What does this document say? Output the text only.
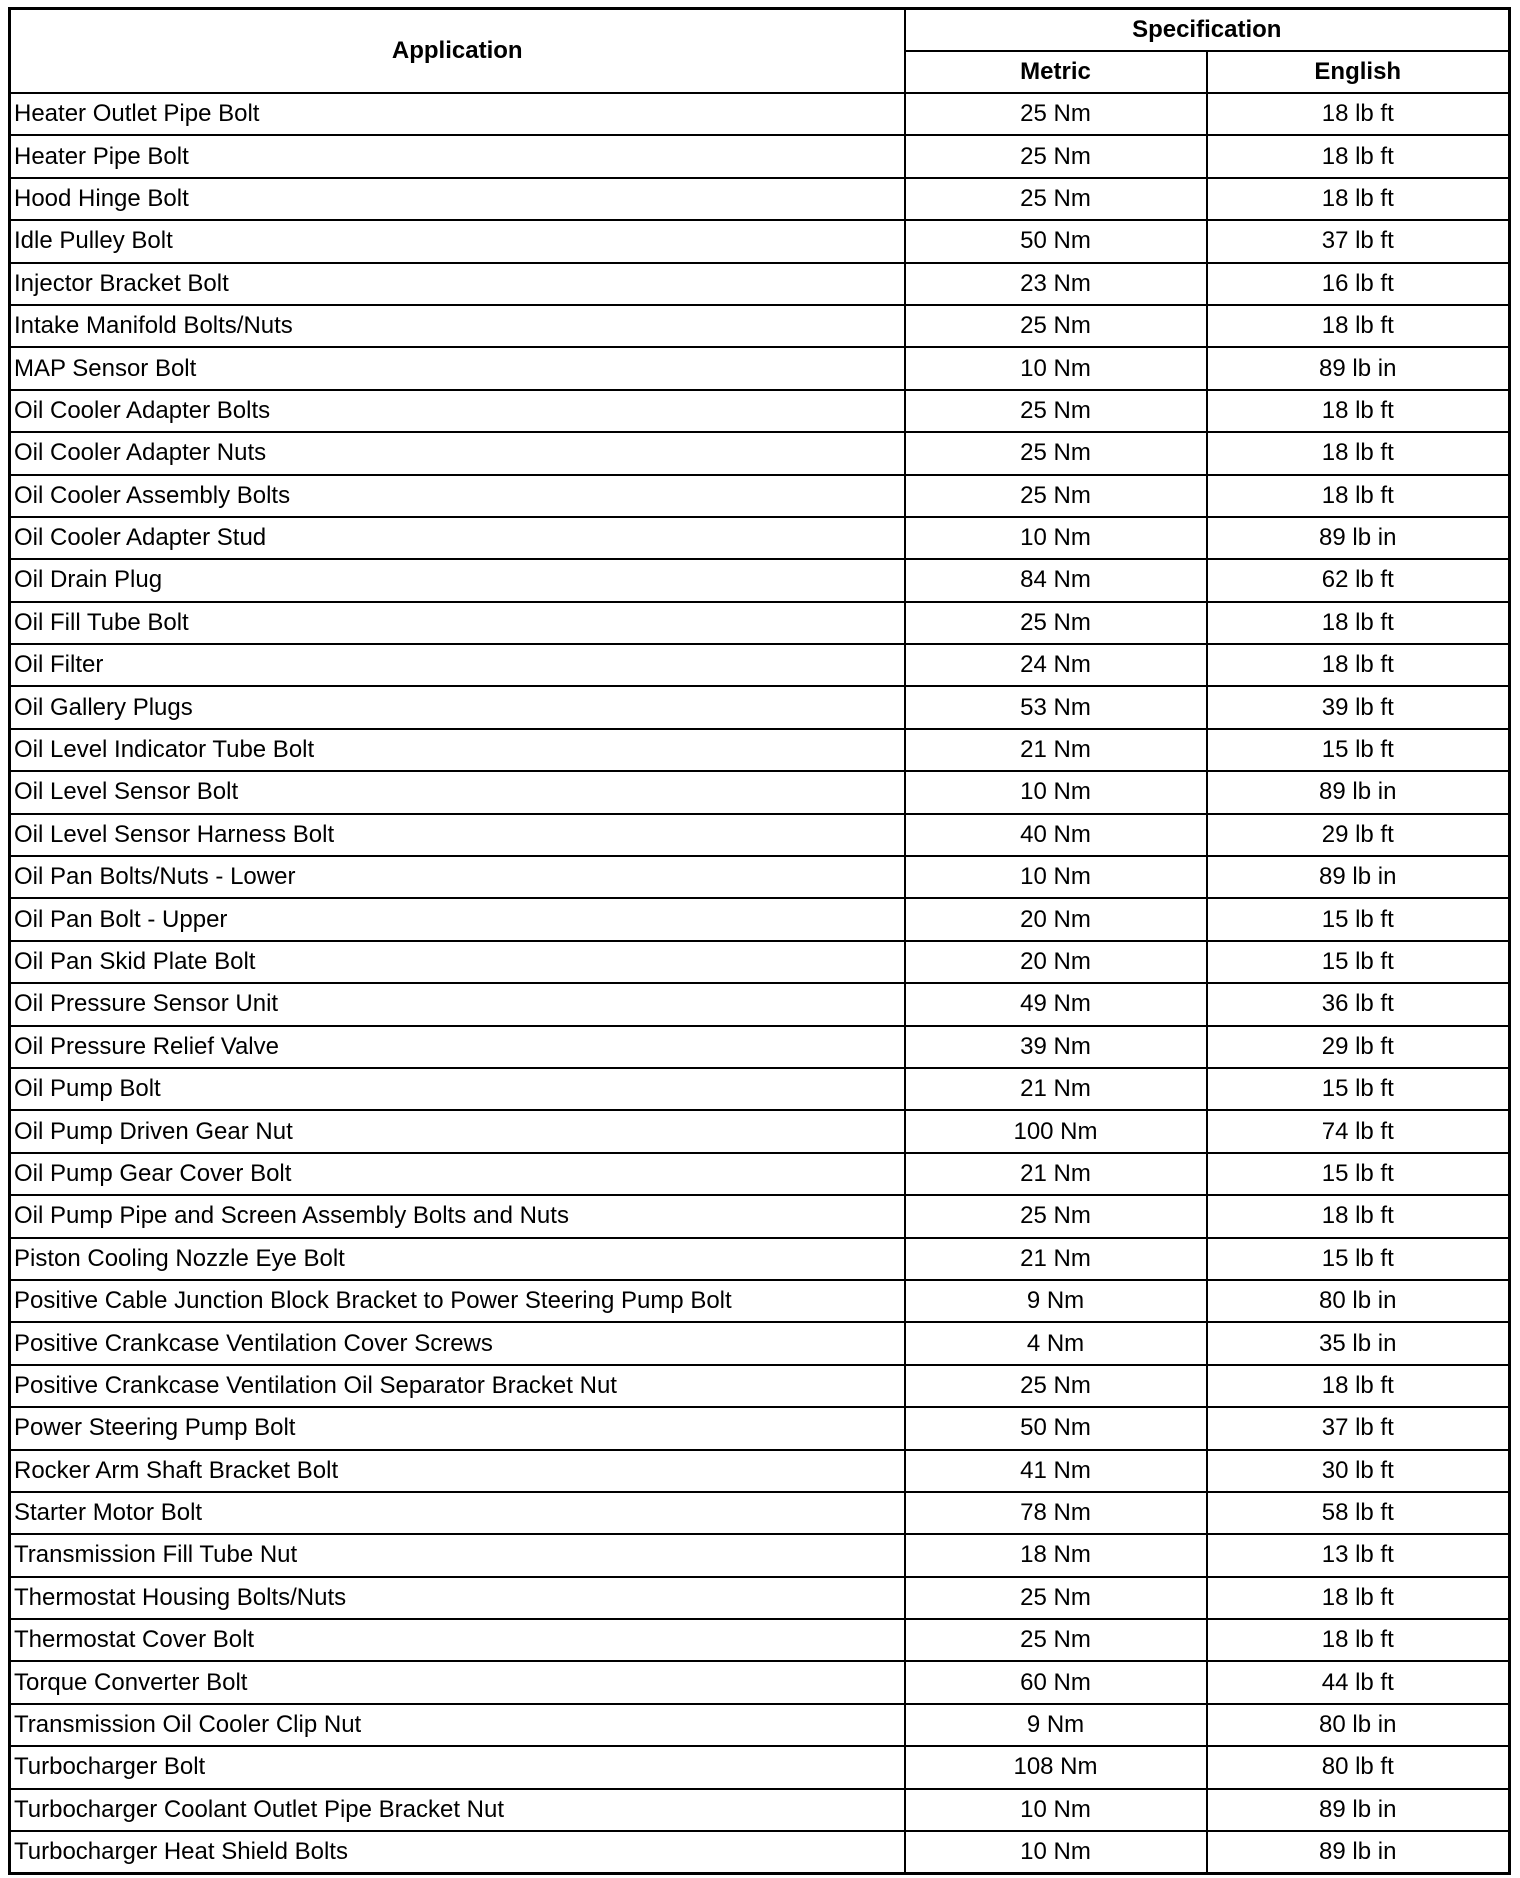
Application	Specification	
	Metric	English
Heater Outlet Pipe Bolt	25 Nm	18 lb ft
Heater Pipe Bolt	25 Nm	18 lb ft
Hood Hinge Bolt	25 Nm	18 lb ft
Idle Pulley Bolt	50 Nm	37 lb ft
Injector Bracket Bolt	23 Nm	16 lb ft
Intake Manifold Bolts/Nuts	25 Nm	18 lb ft
MAP Sensor Bolt	10 Nm	89 lb in
Oil Cooler Adapter Bolts	25 Nm	18 lb ft
Oil Cooler Adapter Nuts	25 Nm	18 lb ft
Oil Cooler Assembly Bolts	25 Nm	18 lb ft
Oil Cooler Adapter Stud	10 Nm	89 lb in
Oil Drain Plug	84 Nm	62 lb ft
Oil Fill Tube Bolt	25 Nm	18 lb ft
Oil Filter	24 Nm	18 lb ft
Oil Gallery Plugs	53 Nm	39 lb ft
Oil Level Indicator Tube Bolt	21 Nm	15 lb ft
Oil Level Sensor Bolt	10 Nm	89 lb in
Oil Level Sensor Harness Bolt	40 Nm	29 lb ft
Oil Pan Bolts/Nuts - Lower	10 Nm	89 lb in
Oil Pan Bolt - Upper	20 Nm	15 lb ft
Oil Pan Skid Plate Bolt	20 Nm	15 lb ft
Oil Pressure Sensor Unit	49 Nm	36 lb ft
Oil Pressure Relief Valve	39 Nm	29 lb ft
Oil Pump Bolt	21 Nm	15 lb ft
Oil Pump Driven Gear Nut	100 Nm	74 lb ft
Oil Pump Gear Cover Bolt	21 Nm	15 lb ft
Oil Pump Pipe and Screen Assembly Bolts and Nuts	25 Nm	18 lb ft
Piston Cooling Nozzle Eye Bolt	21 Nm	15 lb ft
Positive Cable Junction Block Bracket to Power Steering Pump Bolt	9 Nm	80 lb in
Positive Crankcase Ventilation Cover Screws	4 Nm	35 lb in
Positive Crankcase Ventilation Oil Separator Bracket Nut	25 Nm	18 lb ft
Power Steering Pump Bolt	50 Nm	37 lb ft
Rocker Arm Shaft Bracket Bolt	41 Nm	30 lb ft
Starter Motor Bolt	78 Nm	58 lb ft
Transmission Fill Tube Nut	18 Nm	13 lb ft
Thermostat Housing Bolts/Nuts	25 Nm	18 lb ft
Thermostat Cover Bolt	25 Nm	18 lb ft
Torque Converter Bolt	60 Nm	44 lb ft
Transmission Oil Cooler Clip Nut	9 Nm	80 lb in
Turbocharger Bolt	108 Nm	80 lb ft
Turbocharger Coolant Outlet Pipe Bracket Nut	10 Nm	89 lb in
Turbocharger Heat Shield Bolts	10 Nm	89 lb in
